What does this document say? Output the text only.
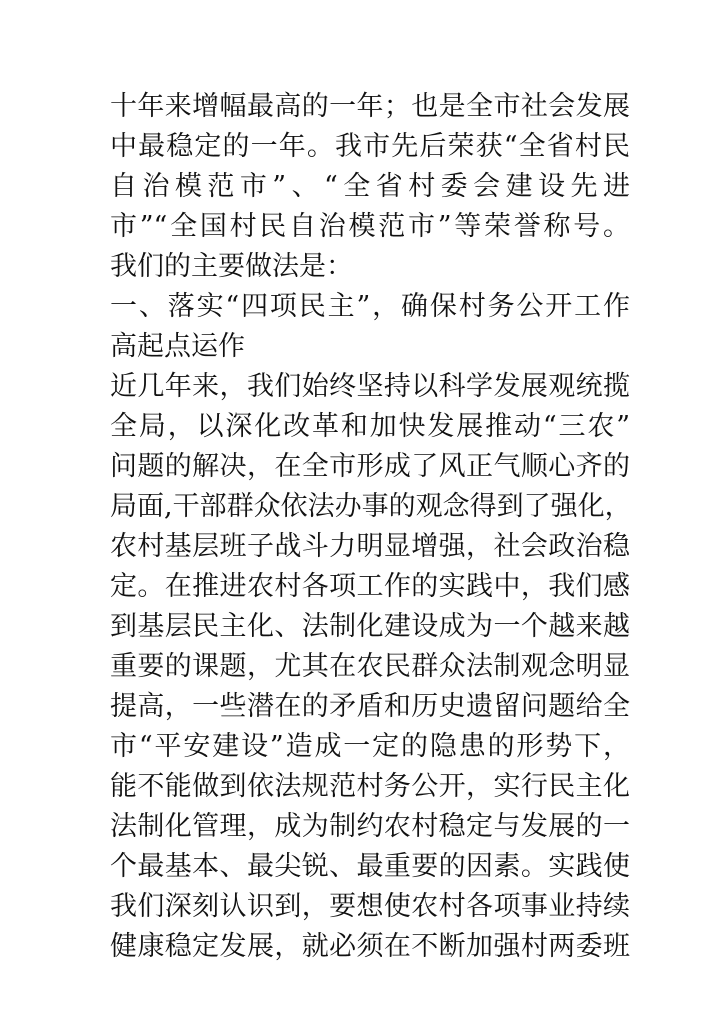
十年来增幅最高的一年；也是全市社会发展
中最稳定的一年。我市先后荣获“全省村民
自治模范市”、“全省村委会建设先进
市”“全国村民自治模范市”等荣誉称号。
我们的主要做法是：
一、落实“四项民主”，确保村务公开工作
高起点运作
近几年来，我们始终坚持以科学发展观统揽
全局，以深化改革和加快发展推动“三农”
问题的解决，在全市形成了风正气顺心齐的
局面,干部群众依法办事的观念得到了强化，
农村基层班子战斗力明显增强，社会政治稳
定。在推进农村各项工作的实践中，我们感
到基层民主化、法制化建设成为一个越来越
重要的课题，尤其在农民群众法制观念明显
提高，一些潜在的矛盾和历史遗留问题给全
市“平安建设”造成一定的隐患的形势下，
能不能做到依法规范村务公开，实行民主化
法制化管理，成为制约农村稳定与发展的一
个最基本、最尖锐、最重要的因素。实践使
我们深刻认识到，要想使农村各项事业持续
健康稳定发展，就必须在不断加强村两委班
